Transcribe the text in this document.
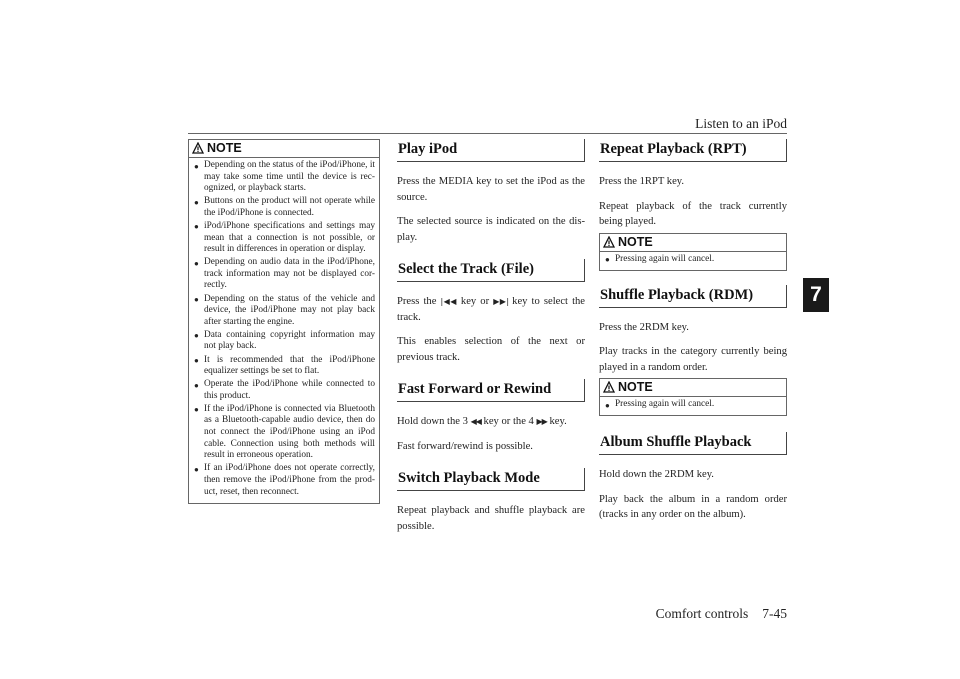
Listen to an iPod
7
NOTE
● Depending on the status of the iPod/iPhone, it may take some time until the device is rec-ognized, or playback starts.
● Buttons on the product will not operate while the iPod/iPhone is connected.
● iPod/iPhone specifications and settings may mean that a connection is not possible, or result in differences in operation or display.
● Depending on audio data in the iPod/iPhone, track information may not be displayed cor-rectly.
● Depending on the status of the vehicle and device, the iPod/iPhone may not play back after starting the engine.
● Data containing copyright information may not play back.
● It is recommended that the iPod/iPhone equalizer settings be set to flat.
● Operate the iPod/iPhone while connected to this product.
● If the iPod/iPhone is connected via Bluetooth as a Bluetooth-capable audio device, then do not connect the iPod/iPhone using an iPod cable. Connection using both methods will result in erroneous operation.
● If an iPod/iPhone does not operate correctly, then remove the iPod/iPhone from the prod-uct, reset, then reconnect.
Play iPod

Press the MEDIA key to set the iPod as the source.

The selected source is indicated on the dis-play.

Select the Track (File)

Press the |◀◀ key or ▶▶| key to select the track.

This enables selection of the next or previous track.

Fast Forward or Rewind

Hold down the 3 ◀◀ key or the 4 ▶▶ key.

Fast forward/rewind is possible.

Switch Playback Mode

Repeat playback and shuffle playback are possible.

Repeat Playback (RPT)

Press the 1RPT key.

Repeat playback of the track currently being played.

NOTE
● Pressing again will cancel.
Shuffle Playback (RDM)

Press the 2RDM key.

Play tracks in the category currently being played in a random order.

NOTE
● Pressing again will cancel.
Album Shuffle Playback

Hold down the 2RDM key.

Play back the album in a random order (tracks in any order on the album).

Comfort controls 7-45
